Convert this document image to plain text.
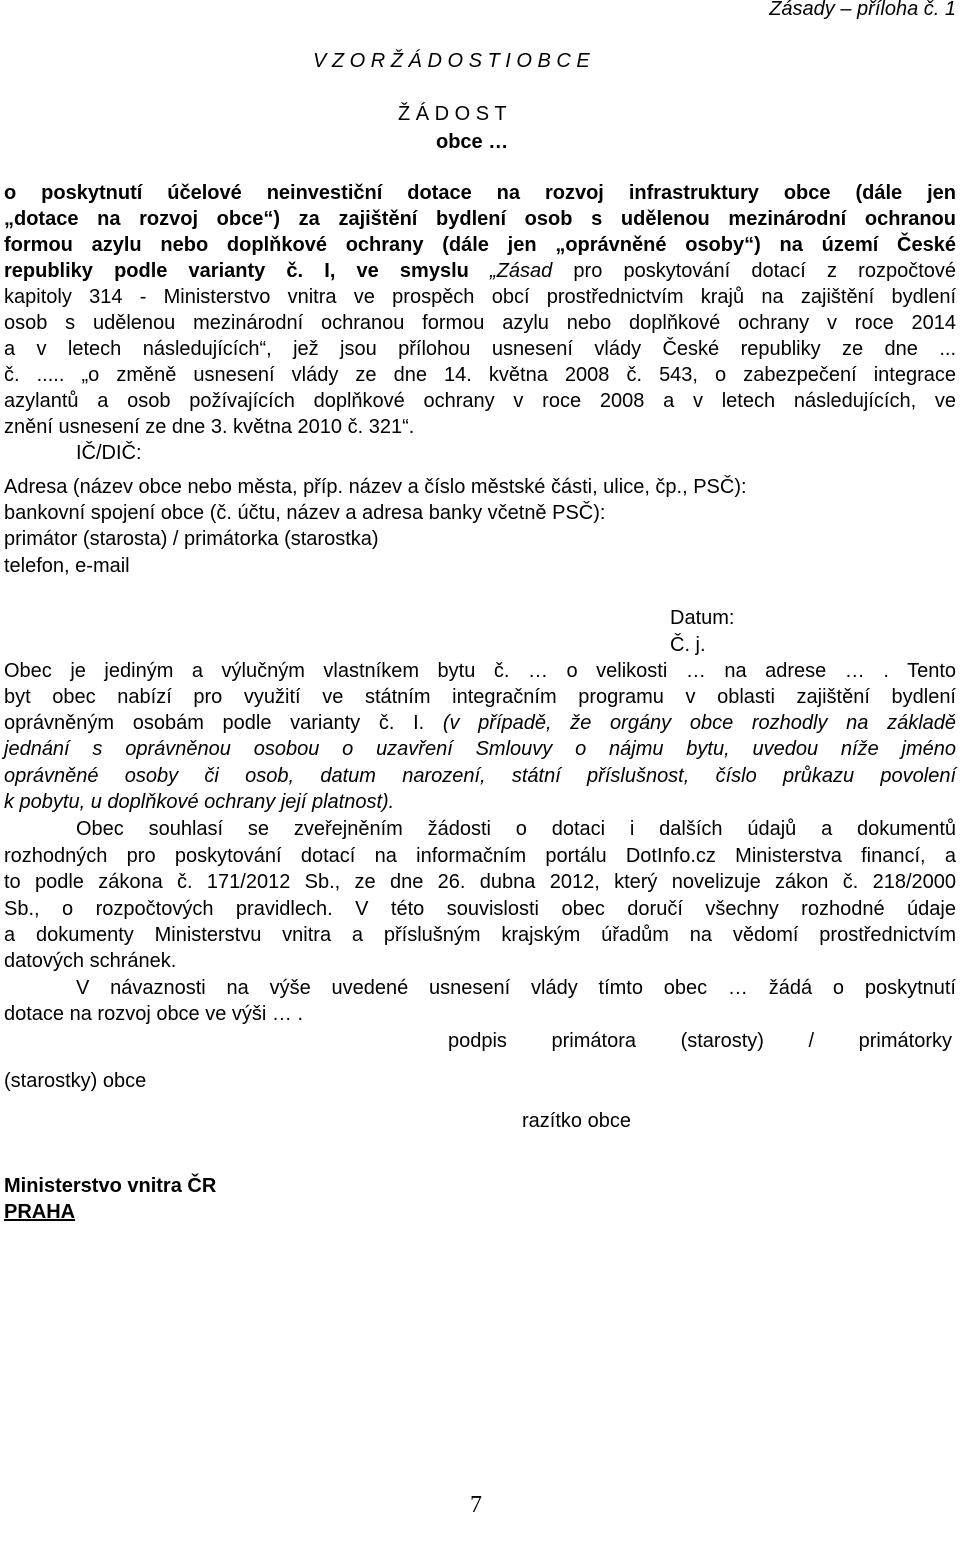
Zásady – příloha č. 1
V Z O R Ž Á D O S T I O B C E
Ž Á D O S T
obce …
o poskytnutí účelové neinvestiční dotace na rozvoj infrastruktury obce (dále jen
„dotace na rozvoj obce“) za zajištění bydlení osob s udělenou mezinárodní ochranou
formou azylu nebo doplňkové ochrany (dále jen „oprávněné osoby“) na území České
republiky podle varianty č. I, ve smyslu „Zásad pro poskytování dotací z rozpočtové
kapitoly 314 - Ministerstvo vnitra ve prospěch obcí prostřednictvím krajů na zajištění bydlení
osob s udělenou mezinárodní ochranou formou azylu nebo doplňkové ochrany v roce 2014
a v letech následujících“, jež jsou přílohou usnesení vlády České republiky ze dne ...
č. ..... „o změně usnesení vlády ze dne 14. května 2008 č. 543, o zabezpečení integrace
azylantů a osob požívajících doplňkové ochrany v roce 2008 a v letech následujících, ve
znění usnesení ze dne 3. května 2010 č. 321“.
IČ/DIČ:
Adresa (název obce nebo města, příp. název a číslo městské části, ulice, čp., PSČ):
bankovní spojení obce (č. účtu, název a adresa banky včetně PSČ):
primátor (starosta) / primátorka (starostka)
telefon, e-mail
Datum:
Č. j.
Obec je jediným a výlučným vlastníkem bytu č. … o velikosti … na adrese … . Tento
byt obec nabízí pro využití ve státním integračním programu v oblasti zajištění bydlení
oprávněným osobám podle varianty č. I. (v případě, že orgány obce rozhodly na základě
jednání s oprávněnou osobou o uzavření Smlouvy o nájmu bytu, uvedou níže jméno
oprávněné osoby či osob, datum narození, státní příslušnost, číslo průkazu povolení
k pobytu, u doplňkové ochrany její platnost).
Obec souhlasí se zveřejněním žádosti o dotaci i dalších údajů a dokumentů
rozhodných pro poskytování dotací na informačním portálu DotInfo.cz Ministerstva financí, a
to podle zákona č. 171/2012 Sb., ze dne 26. dubna 2012, který novelizuje zákon č. 218/2000
Sb., o rozpočtových pravidlech. V této souvislosti obec doručí všechny rozhodné údaje
a dokumenty Ministerstvu vnitra a příslušným krajským úřadům na vědomí prostřednictvím
datových schránek.
V návaznosti na výše uvedené usnesení vlády tímto obec … žádá o poskytnutí
dotace na rozvoj obce ve výši … .
podpis primátora (starosty) / primátorky
(starostky) obce
razítko obce
Ministerstvo vnitra ČR
PRAHA
7
